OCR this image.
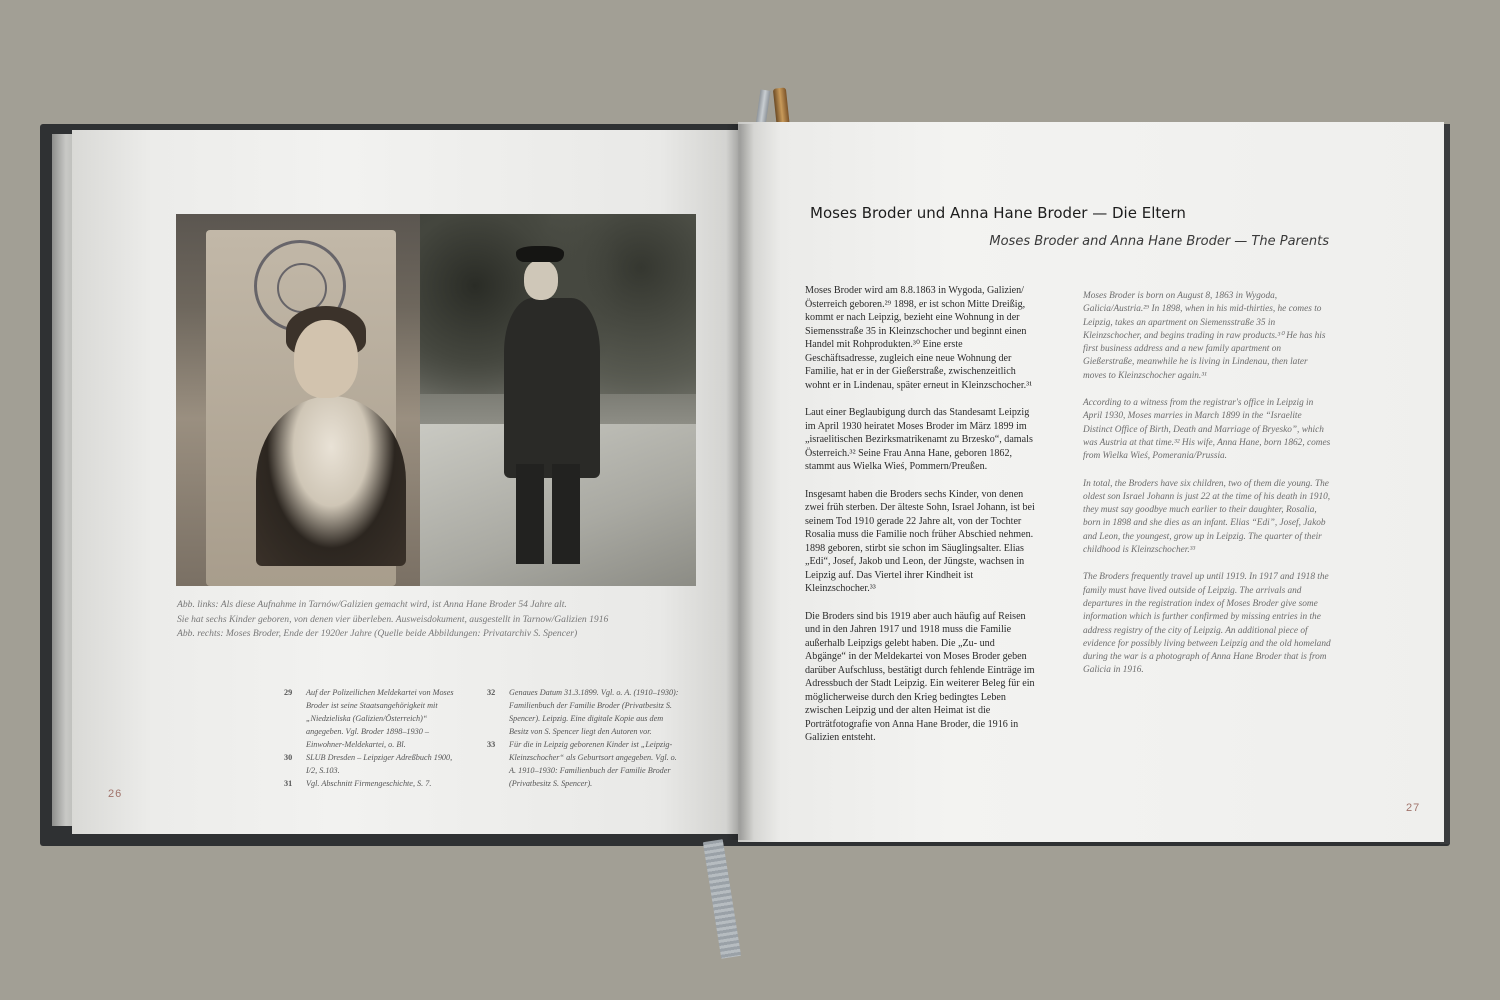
Abb. links: Als diese Aufnahme in Tarnów/Galizien gemacht wird, ist Anna Hane Broder 54 Jahre alt.
Sie hat sechs Kinder geboren, von denen vier überleben. Ausweisdokument, ausgestellt in Tarnow/Galizien 1916
Abb. rechts: Moses Broder, Ende der 1920er Jahre (Quelle beide Abbildungen: Privatarchiv S. Spencer)
29	Auf der Polizeilichen Meldekartei von Moses Broder ist seine Staatsangehörigkeit mit „Niedzieliska (Galizien/Österreich)“ angegeben. Vgl. Broder 1898–1930 – Einwohner-Meldekartei, o. Bl.
30	SLUB Dresden – Leipziger Adreßbuch 1900, I/2, S.103.
31	Vgl. Abschnitt Firmengeschichte, S. 7.
32	Genaues Datum 31.3.1899. Vgl. o. A. (1910–1930): Familienbuch der Familie Broder (Privatbesitz S. Spencer). Leipzig. Eine digitale Kopie aus dem Besitz von S. Spencer liegt den Autoren vor.
33	Für die in Leipzig geborenen Kinder ist „Leipzig-Kleinzschocher“ als Geburtsort angegeben. Vgl. o. A. 1910–1930: Familienbuch der Familie Broder (Privatbesitz S. Spencer).
26
Moses Broder und Anna Hane Broder — Die Eltern
Moses Broder and Anna Hane Broder — The Parents

Moses Broder wird am 8.8.1863 in Wygoda, Galizien/Österreich geboren.²⁹ 1898, er ist schon Mitte Dreißig, kommt er nach Leipzig, bezieht eine Wohnung in der Siemensstraße 35 in Kleinzschocher und beginnt einen Handel mit Rohprodukten.³⁰ Eine erste Geschäftsadresse, zugleich eine neue Wohnung der Familie, hat er in der Gießerstraße, zwischenzeitlich wohnt er in Lindenau, später erneut in Kleinzschocher.³¹

Laut einer Beglaubigung durch das Standesamt Leipzig im April 1930 heiratet Moses Broder im März 1899 im „israelitischen Bezirksmatrikenamt zu Brzesko“, damals Österreich.³² Seine Frau Anna Hane, geboren 1862, stammt aus Wielka Wieś, Pommern/Preußen.

Insgesamt haben die Broders sechs Kinder, von denen zwei früh sterben. Der älteste Sohn, Israel Johann, ist bei seinem Tod 1910 gerade 22 Jahre alt, von der Tochter Rosalia muss die Familie noch früher Abschied nehmen. 1898 geboren, stirbt sie schon im Säuglingsalter. Elias „Edi“, Josef, Jakob und Leon, der Jüngste, wachsen in Leipzig auf. Das Viertel ihrer Kindheit ist Kleinzschocher.³³

Die Broders sind bis 1919 aber auch häufig auf Reisen und in den Jahren 1917 und 1918 muss die Familie außerhalb Leipzigs gelebt haben. Die „Zu- und Abgänge“ in der Meldekartei von Moses Broder geben darüber Aufschluss, bestätigt durch fehlende Einträge im Adressbuch der Stadt Leipzig. Ein weiterer Beleg für ein möglicherweise durch den Krieg bedingtes Leben zwischen Leipzig und der alten Heimat ist die Porträtfotografie von Anna Hane Broder, die 1916 in Galizien entsteht.

Moses Broder is born on August 8, 1863 in Wygoda, Galicia/Austria.²⁹ In 1898, when in his mid-thirties, he comes to Leipzig, takes an apartment on Siemensstraße 35 in Kleinzschocher, and begins trading in raw products.³⁰ He has his first business address and a new family apartment on Gießerstraße, meanwhile he is living in Lindenau, then later moves to Kleinzschocher again.³¹

According to a witness from the registrar's office in Leipzig in April 1930, Moses marries in March 1899 in the “Israelite Distinct Office of Birth, Death and Marriage of Bryesko”, which was Austria at that time.³² His wife, Anna Hane, born 1862, comes from Wielka Wieś, Pomerania/Prussia.

In total, the Broders have six children, two of them die young. The oldest son Israel Johann is just 22 at the time of his death in 1910, they must say goodbye much earlier to their daughter, Rosalia, born in 1898 and she dies as an infant. Elias “Edi”, Josef, Jakob and Leon, the youngest, grow up in Leipzig. The quarter of their childhood is Kleinzschocher.³³

The Broders frequently travel up until 1919. In 1917 and 1918 the family must have lived outside of Leipzig. The arrivals and departures in the registration index of Moses Broder give some information which is further confirmed by missing entries in the address registry of the city of Leipzig. An additional piece of evidence for possibly living between Leipzig and the old homeland during the war is a photograph of Anna Hane Broder that is from Galicia in 1916.

27
